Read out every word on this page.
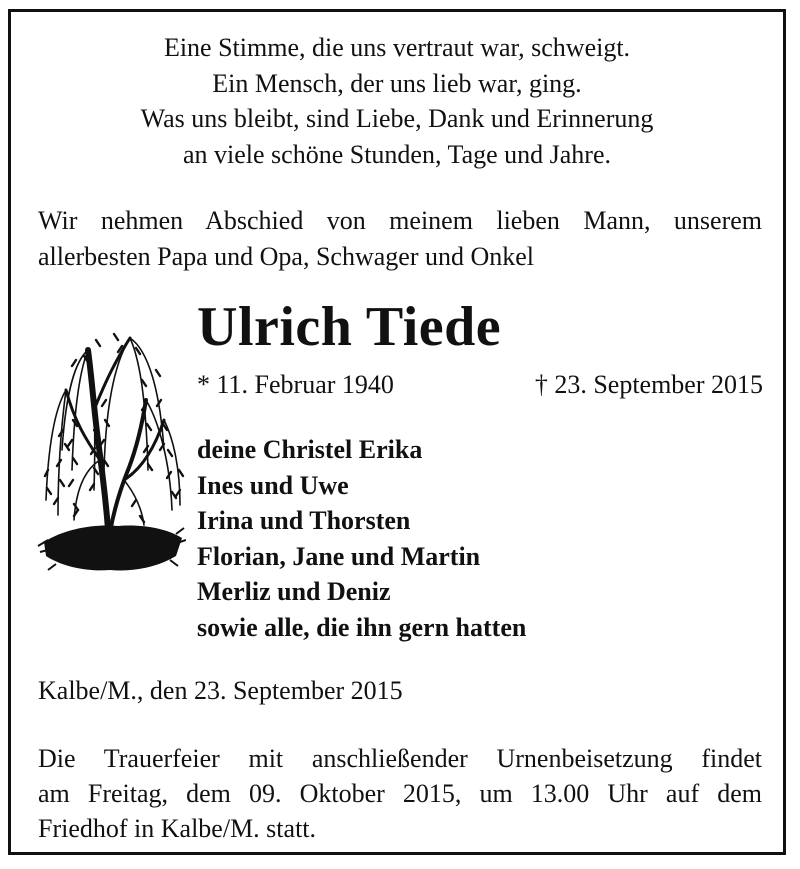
Eine Stimme, die uns vertraut war, schweigt.
Ein Mensch, der uns lieb war, ging.
Was uns bleibt, sind Liebe, Dank und Erinnerung
an viele schöne Stunden, Tage und Jahre.
Wir nehmen Abschied von meinem lieben Mann, unserem
allerbesten Papa und Opa, Schwager und Onkel
Ulrich Tiede
* 11. Februar 1940	† 23. September 2015
deine Christel Erika
Ines und Uwe
Irina und Thorsten
Florian, Jane und Martin
Merliz und Deniz
sowie alle, die ihn gern hatten
Kalbe/M., den 23. September 2015
Die Trauerfeier mit anschließender Urnenbeisetzung findet
am Freitag, dem 09. Oktober 2015, um 13.00 Uhr auf dem
Friedhof in Kalbe/M. statt.
